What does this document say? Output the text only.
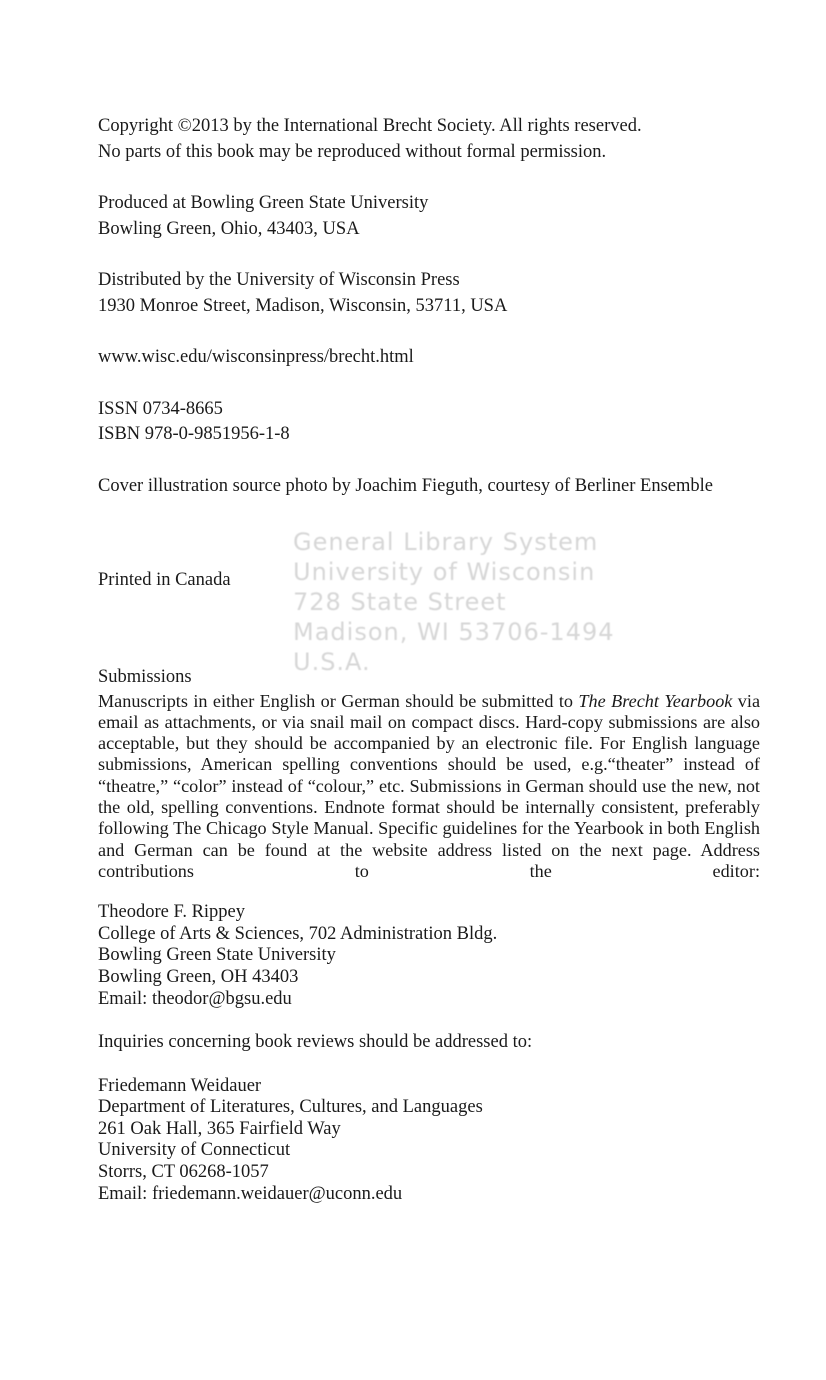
Copyright ©2013 by the International Brecht Society. All rights reserved.
No parts of this book may be reproduced without formal permission.
Produced at Bowling Green State University
Bowling Green, Ohio, 43403, USA
Distributed by the University of Wisconsin Press
1930 Monroe Street, Madison, Wisconsin, 53711, USA
www.wisc.edu/wisconsinpress/brecht.html
ISSN 0734-8665
ISBN 978-0-9851956-1-8
Cover illustration source photo by Joachim Fieguth, courtesy of Berliner Ensemble
Printed in Canada
General Library System
University of Wisconsin
728 State Street
Madison, WI 53706-1494
U.S.A.
Submissions

Manuscripts in either English or German should be submitted to The Brecht Yearbook via email as attachments, or via snail mail on compact discs. Hard-copy submissions are also acceptable, but they should be accompanied by an electronic file. For English language submissions, American spelling conventions should be used, e.g.“theater” instead of “theatre,” “color” instead of “colour,” etc. Submissions in German should use the new, not the old, spelling conventions. Endnote format should be internally consistent, preferably following The Chicago Style Manual. Specific guidelines for the Yearbook in both English and German can be found at the website address listed on the next page. Address contributions to the editor:

Theodore F. Rippey
College of Arts & Sciences, 702 Administration Bldg.
Bowling Green State University
Bowling Green, OH 43403
Email: theodor@bgsu.edu
Inquiries concerning book reviews should be addressed to:
Friedemann Weidauer
Department of Literatures, Cultures, and Languages
261 Oak Hall, 365 Fairfield Way
University of Connecticut
Storrs, CT 06268-1057
Email: friedemann.weidauer@uconn.edu
